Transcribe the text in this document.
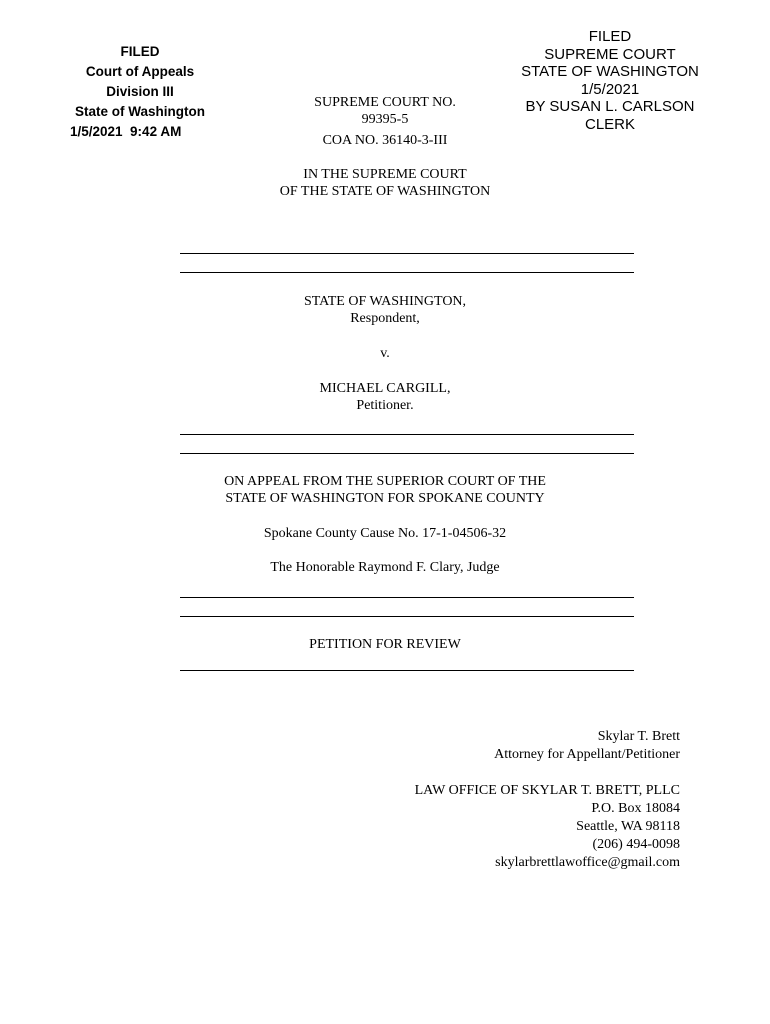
FILED
Court of Appeals
Division III
State of Washington
1/5/2021  9:42 AM
FILED
SUPREME COURT
STATE OF WASHINGTON
1/5/2021
BY SUSAN L. CARLSON
CLERK
SUPREME COURT NO.
99395-5
COA NO. 36140-3-III
IN THE SUPREME COURT
OF THE STATE OF WASHINGTON
STATE OF WASHINGTON,
Respondent,
v.
MICHAEL CARGILL,
Petitioner.
ON APPEAL FROM THE SUPERIOR COURT OF THE
STATE OF WASHINGTON FOR SPOKANE COUNTY
Spokane County Cause No. 17-1-04506-32
The Honorable Raymond F. Clary, Judge
PETITION FOR REVIEW
Skylar T. Brett
Attorney for Appellant/Petitioner
LAW OFFICE OF SKYLAR T. BRETT, PLLC
P.O. Box 18084
Seattle, WA 98118
(206) 494-0098
skylarbrettlawoffice@gmail.com
